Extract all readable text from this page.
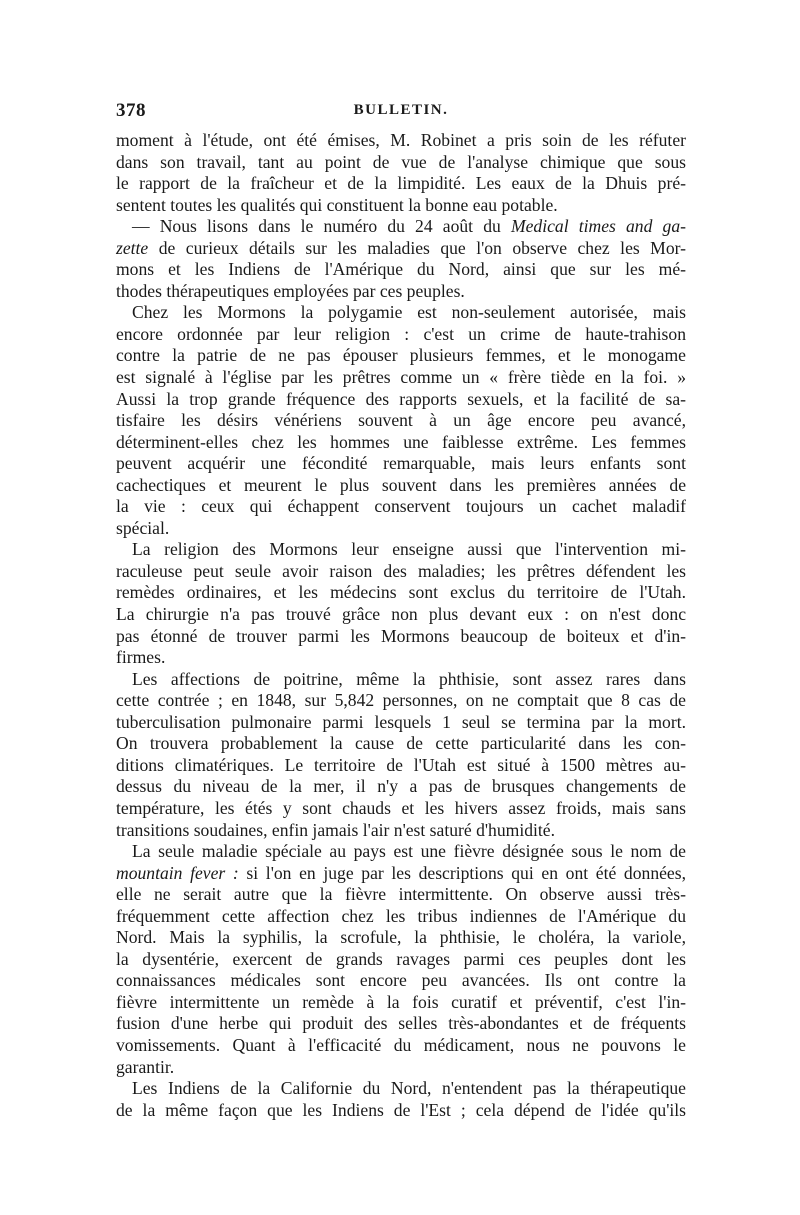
378	BULLETIN.
moment à l'étude, ont été émises, M. Robinet a pris soin de les réfuter
dans son travail, tant au point de vue de l'analyse chimique que sous
le rapport de la fraîcheur et de la limpidité. Les eaux de la Dhuis pré-
sentent toutes les qualités qui constituent la bonne eau potable.
— Nous lisons dans le numéro du 24 août du Medical times and ga-
zette de curieux détails sur les maladies que l'on observe chez les Mor-
mons et les Indiens de l'Amérique du Nord, ainsi que sur les mé-
thodes thérapeutiques employées par ces peuples.
Chez les Mormons la polygamie est non-seulement autorisée, mais
encore ordonnée par leur religion : c'est un crime de haute-trahison
contre la patrie de ne pas épouser plusieurs femmes, et le monogame
est signalé à l'église par les prêtres comme un « frère tiède en la foi. »
Aussi la trop grande fréquence des rapports sexuels, et la facilité de sa-
tisfaire les désirs vénériens souvent à un âge encore peu avancé,
déterminent-elles chez les hommes une faiblesse extrême. Les femmes
peuvent acquérir une fécondité remarquable, mais leurs enfants sont
cachectiques et meurent le plus souvent dans les premières années de
la vie : ceux qui échappent conservent toujours un cachet maladif
spécial.
La religion des Mormons leur enseigne aussi que l'intervention mi-
raculeuse peut seule avoir raison des maladies; les prêtres défendent les
remèdes ordinaires, et les médecins sont exclus du territoire de l'Utah.
La chirurgie n'a pas trouvé grâce non plus devant eux : on n'est donc
pas étonné de trouver parmi les Mormons beaucoup de boiteux et d'in-
firmes.
Les affections de poitrine, même la phthisie, sont assez rares dans
cette contrée ; en 1848, sur 5,842 personnes, on ne comptait que 8 cas de
tuberculisation pulmonaire parmi lesquels 1 seul se termina par la mort.
On trouvera probablement la cause de cette particularité dans les con-
ditions climatériques. Le territoire de l'Utah est situé à 1500 mètres au-
dessus du niveau de la mer, il n'y a pas de brusques changements de
température, les étés y sont chauds et les hivers assez froids, mais sans
transitions soudaines, enfin jamais l'air n'est saturé d'humidité.
La seule maladie spéciale au pays est une fièvre désignée sous le nom de
mountain fever : si l'on en juge par les descriptions qui en ont été données,
elle ne serait autre que la fièvre intermittente. On observe aussi très-
fréquemment cette affection chez les tribus indiennes de l'Amérique du
Nord. Mais la syphilis, la scrofule, la phthisie, le choléra, la variole,
la dysentérie, exercent de grands ravages parmi ces peuples dont les
connaissances médicales sont encore peu avancées. Ils ont contre la
fièvre intermittente un remède à la fois curatif et préventif, c'est l'in-
fusion d'une herbe qui produit des selles très-abondantes et de fréquents
vomissements. Quant à l'efficacité du médicament, nous ne pouvons le
garantir.
Les Indiens de la Californie du Nord, n'entendent pas la thérapeutique
de la même façon que les Indiens de l'Est ; cela dépend de l'idée qu'ils
